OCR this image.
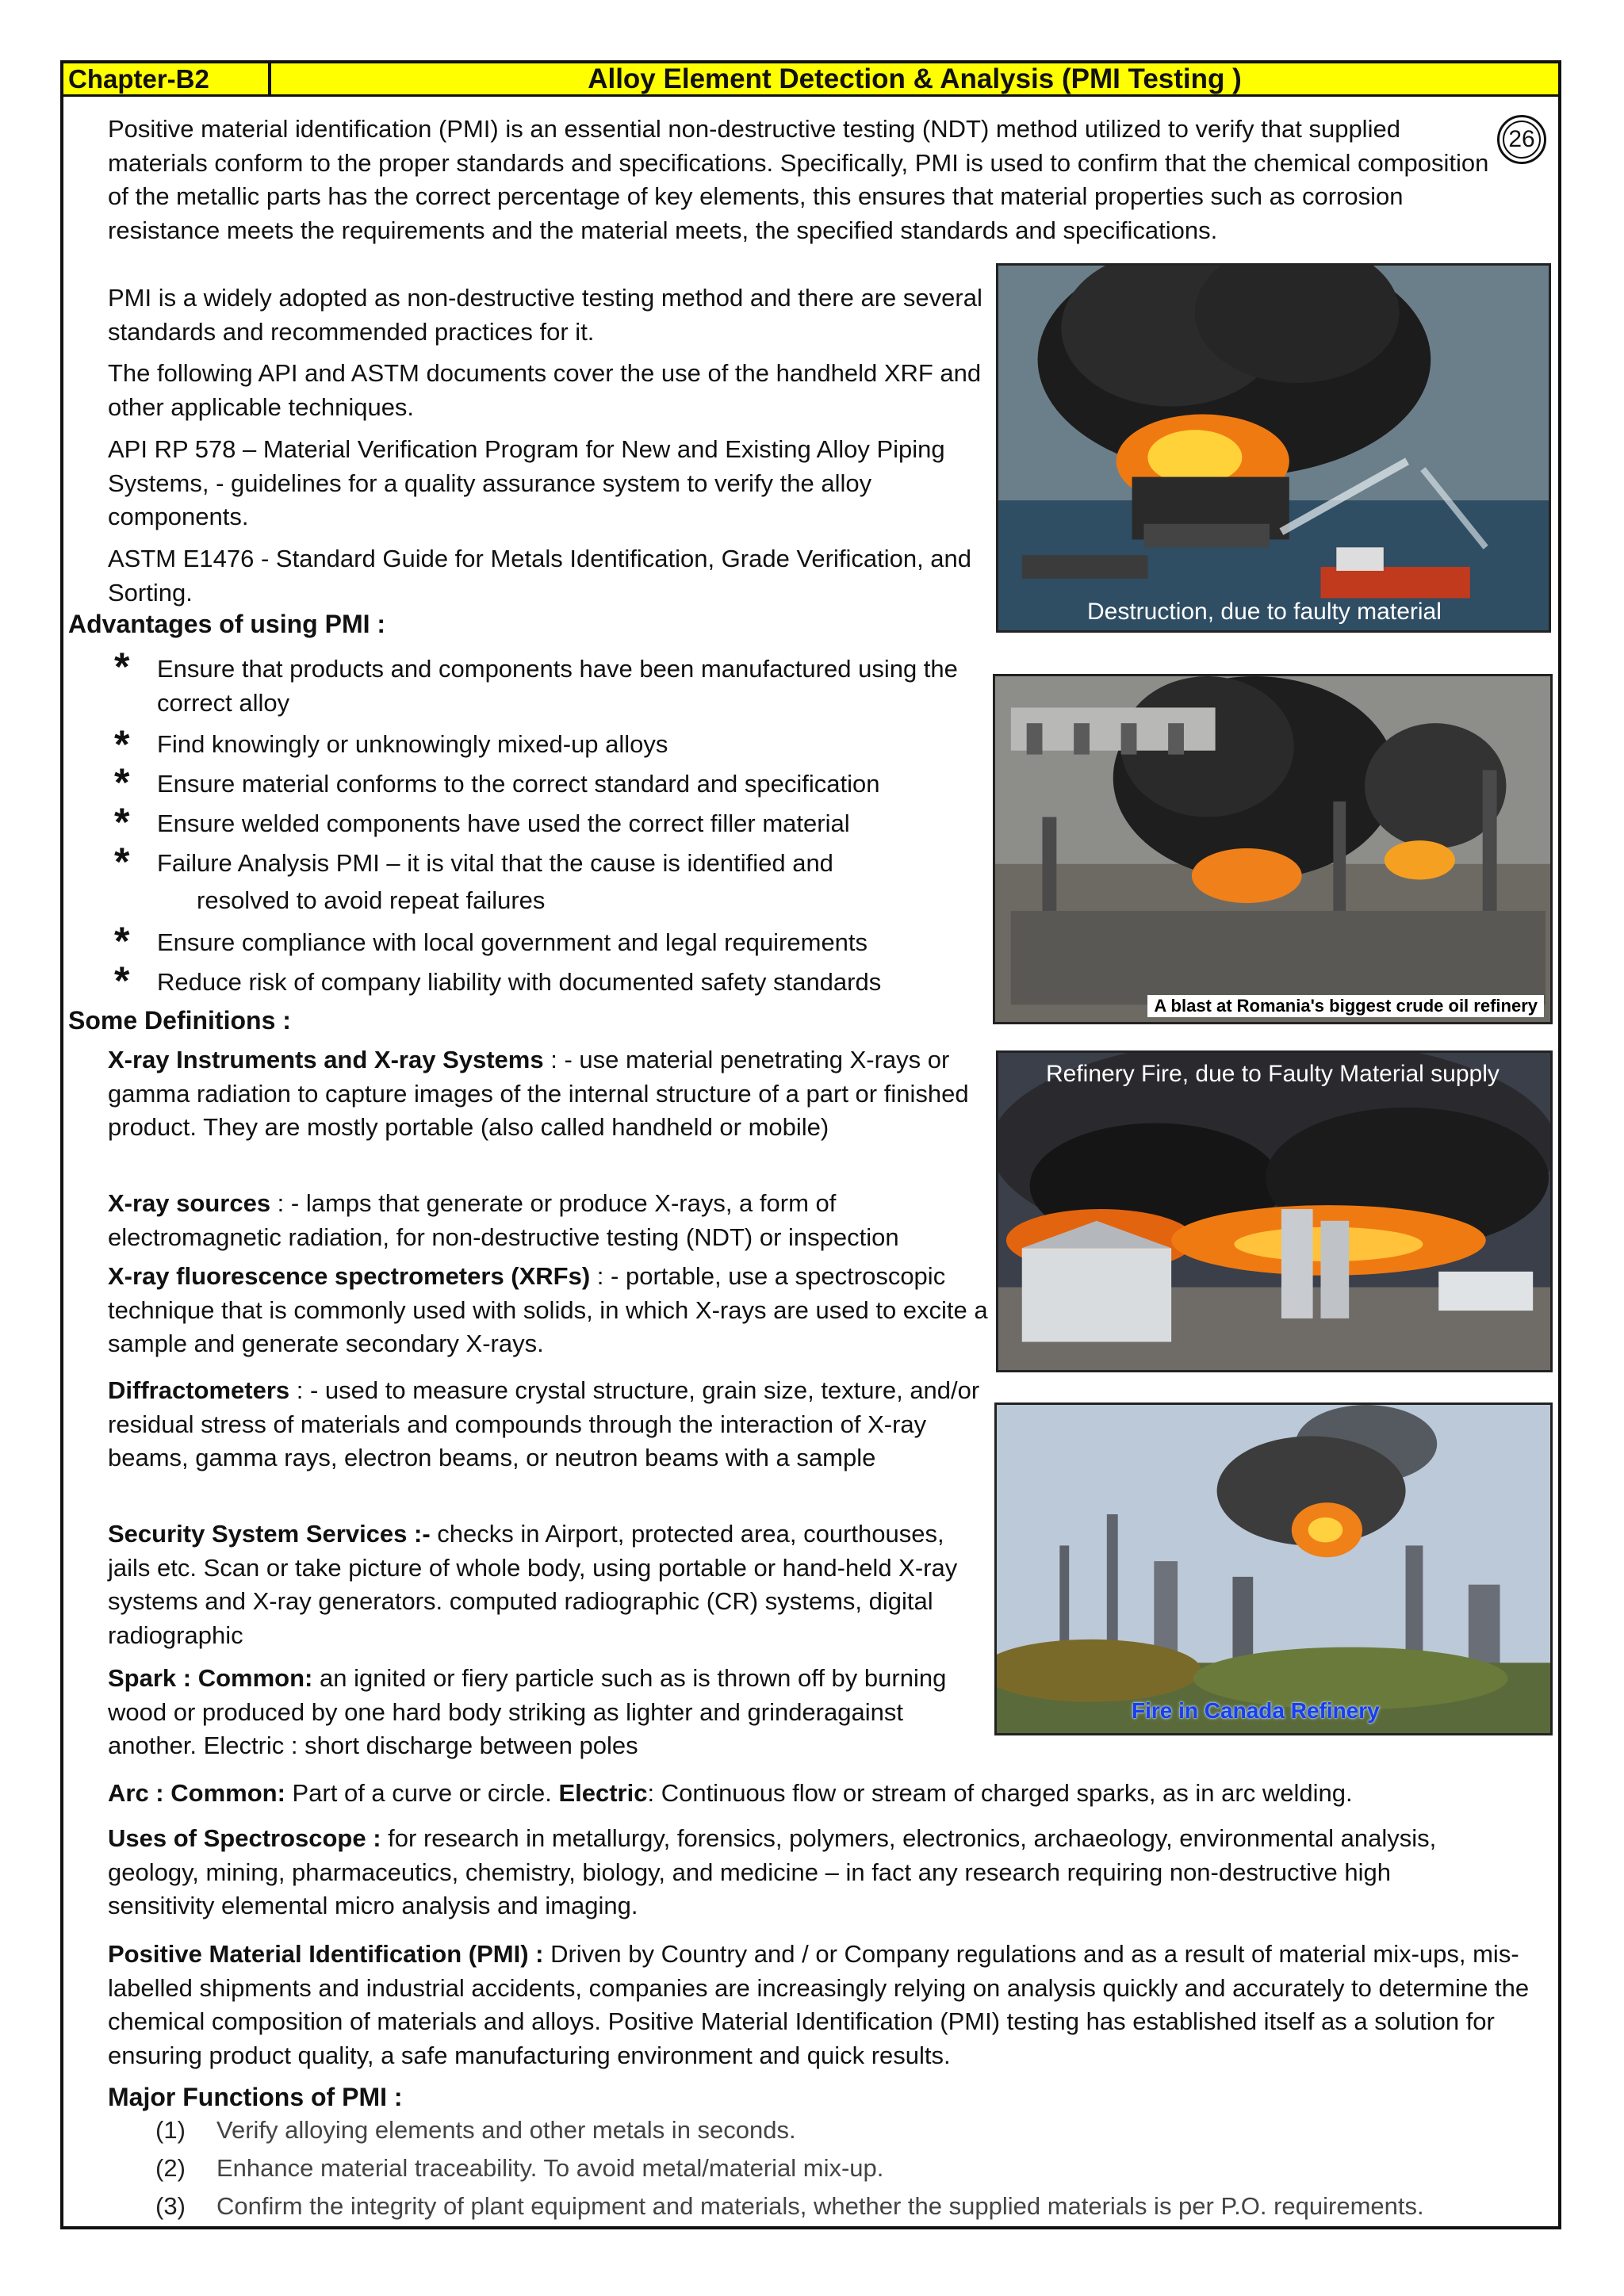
Chapter-B2	Alloy Element Detection & Analysis (PMI Testing )
26

Positive material identification (PMI) is an essential non-destructive testing (NDT) method utilized to verify that supplied materials conform to the proper standards and specifications. Specifically, PMI is used to confirm that the chemical composition of the metallic parts has the correct percentage of key elements, this ensures that material properties such as corrosion resistance meets the requirements and the material meets, the specified standards and specifications.

PMI is a widely adopted as non-destructive testing method and there are several standards and recommended practices for it.

The following API and ASTM documents cover the use of the handheld XRF and other applicable techniques.

API RP 578 – Material Verification Program for New and Existing Alloy Piping Systems, - guidelines for a quality assurance system to verify the alloy components.

ASTM E1476 - Standard Guide for Metals Identification, Grade Verification, and Sorting.

Advantages of using PMI :
* Ensure that products and components have been manufactured using the correct alloy
* Find knowingly or unknowingly mixed-up alloys
* Ensure material conforms to the correct standard and specification
* Ensure welded components have used the correct filler material
* Failure Analysis PMI – it is vital that the cause is identified and
resolved to avoid repeat failures
* Ensure compliance with local government and legal requirements
* Reduce risk of company liability with documented safety standards
Some Definitions :

X-ray Instruments and X-ray Systems : - use material penetrating X-rays or gamma radiation to capture images of the internal structure of a part or finished product. They are mostly portable (also called handheld or mobile)

X-ray sources : - lamps that generate or produce X-rays, a form of electromagnetic radiation, for non-destructive testing (NDT) or inspection

X-ray fluorescence spectrometers (XRFs) : - portable, use a spectroscopic technique that is commonly used with solids, in which X-rays are used to excite a sample and generate secondary X-rays.

Diffractometers : - used to measure crystal structure, grain size, texture, and/or residual stress of materials and compounds through the interaction of X-ray beams, gamma rays, electron beams, or neutron beams with a sample

Security System Services :- checks in Airport, protected area, courthouses, jails etc. Scan or take picture of whole body, using portable or hand-held X-ray systems and X-ray generators. computed radiographic (CR) systems, digital radiographic

Spark : Common: an ignited or fiery particle such as is thrown off by burning wood or produced by one hard body striking as lighter and grinderagainst another. Electric : short discharge between poles

Arc : Common: Part of a curve or circle. Electric: Continuous flow or stream of charged sparks, as in arc welding.

Uses of Spectroscope : for research in metallurgy, forensics, polymers, electronics, archaeology, environmental analysis, geology, mining, pharmaceutics, chemistry, biology, and medicine – in fact any research requiring non-destructive high sensitivity elemental micro analysis and imaging.

Positive Material Identification (PMI) : Driven by Country and / or Company regulations and as a result of material mix-ups, mis-labelled shipments and industrial accidents, companies are increasingly relying on analysis quickly and accurately to determine the chemical composition of materials and alloys. Positive Material Identification (PMI) testing has established itself as a solution for ensuring product quality, a safe manufacturing environment and quick results.

Major Functions of PMI :
(1) Verify alloying elements and other metals in seconds.
(2) Enhance material traceability. To avoid metal/material mix-up.
(3) Confirm the integrity of plant equipment and materials, whether the supplied materials is per P.O. requirements.
Destruction, due to faulty material
A blast at Romania's biggest crude oil refinery
Refinery Fire, due to Faulty Material supply
Fire in Canada Refinery
